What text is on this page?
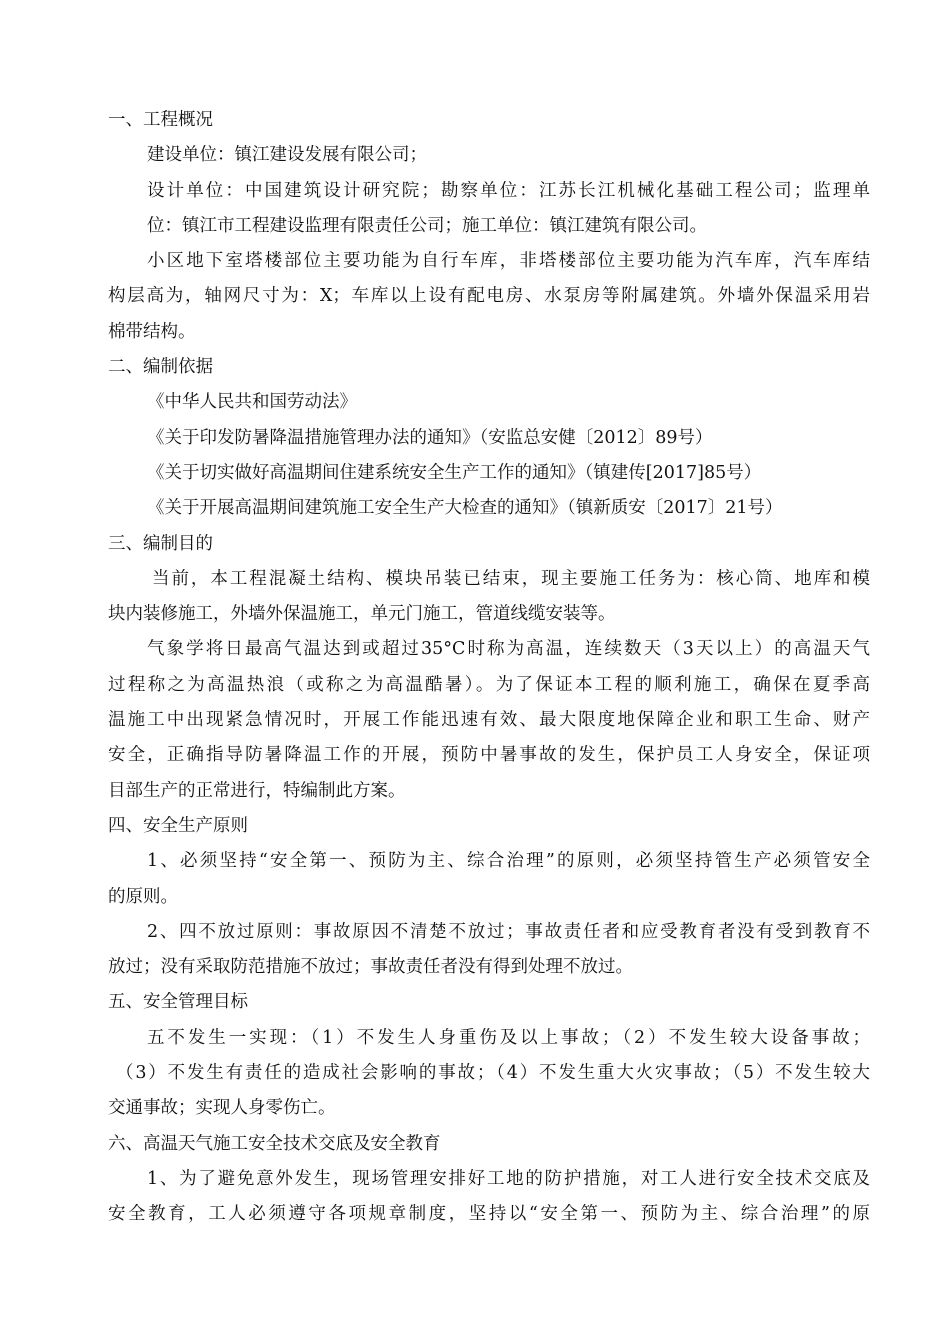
一、工程概况
建设单位：镇江建设发展有限公司；
设计单位：中国建筑设计研究院；勘察单位：江苏长江机械化基础工程公司；监理单
位：镇江市工程建设监理有限责任公司；施工单位：镇江建筑有限公司。
小区地下室塔楼部位主要功能为自行车库，非塔楼部位主要功能为汽车库，汽车库结
构层高为，轴网尺寸为：X；车库以上设有配电房、水泵房等附属建筑。外墙外保温采用岩
棉带结构。
二、编制依据
《中华人民共和国劳动法》
《关于印发防暑降温措施管理办法的通知》（安监总安健〔2012〕89号）
《关于切实做好高温期间住建系统安全生产工作的通知》（镇建传[2017]85号）
《关于开展高温期间建筑施工安全生产大检查的通知》（镇新质安〔2017〕21号）
三、编制目的
当前，本工程混凝土结构、模块吊装已结束，现主要施工任务为：核心筒、地库和模
块内装修施工，外墙外保温施工，单元门施工，管道线缆安装等。
气象学将日最高气温达到或超过35°C时称为高温，连续数天（3天以上）的高温天气
过程称之为高温热浪（或称之为高温酷暑）。为了保证本工程的顺利施工，确保在夏季高
温施工中出现紧急情况时，开展工作能迅速有效、最大限度地保障企业和职工生命、财产
安全，正确指导防暑降温工作的开展，预防中暑事故的发生，保护员工人身安全，保证项
目部生产的正常进行，特编制此方案。
四、安全生产原则
1、必须坚持“安全第一、预防为主、综合治理”的原则，必须坚持管生产必须管安全
的原则。
2、四不放过原则：事故原因不清楚不放过；事故责任者和应受教育者没有受到教育不
放过；没有采取防范措施不放过；事故责任者没有得到处理不放过。
五、安全管理目标
五不发生一实现：（1）不发生人身重伤及以上事故；（2）不发生较大设备事故；
（3）不发生有责任的造成社会影响的事故；（4）不发生重大火灾事故；（5）不发生较大
交通事故；实现人身零伤亡。
六、高温天气施工安全技术交底及安全教育
1、为了避免意外发生，现场管理安排好工地的防护措施，对工人进行安全技术交底及
安全教育，工人必须遵守各项规章制度，坚持以“安全第一、预防为主、综合治理”的原
